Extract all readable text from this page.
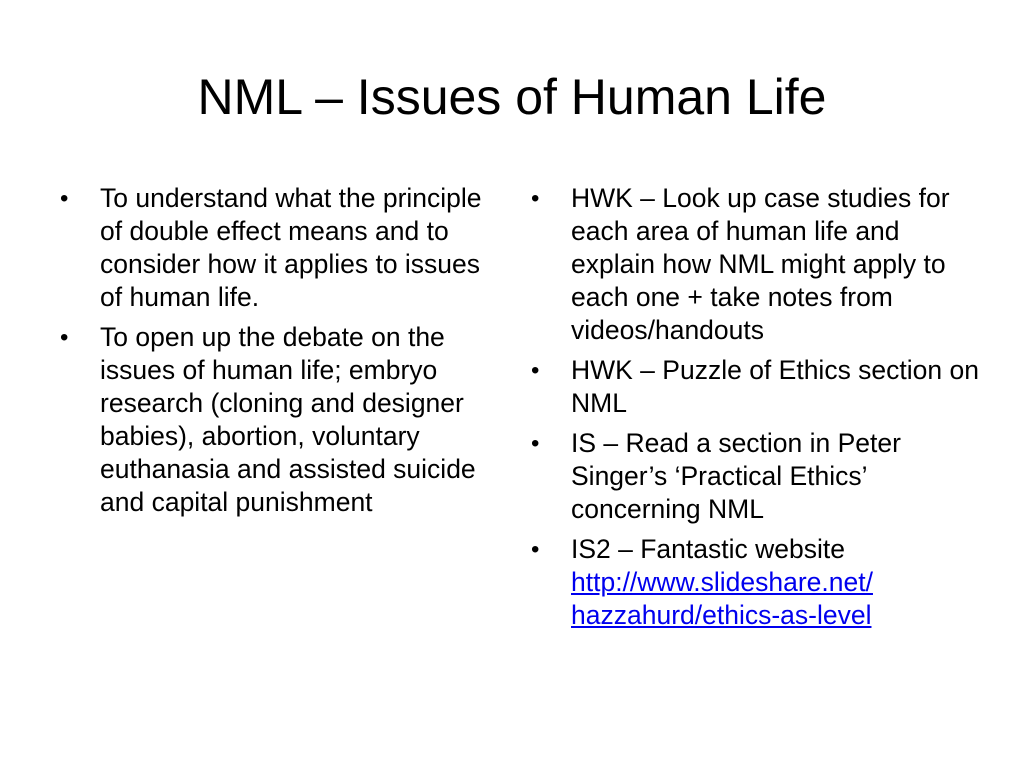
NML – Issues of Human Life
•	To understand what the principle of double effect means and to consider how it applies to issues of human life.
•	To open up the debate on the issues of human life; embryo research (cloning and designer babies), abortion, voluntary euthanasia and assisted suicide and capital punishment
•	HWK – Look up case studies for each area of human life and explain how NML might apply to each one + take notes from videos/handouts
•	HWK – Puzzle of Ethics section on NML
•	IS – Read a section in Peter Singer’s ‘Practical Ethics’ concerning NML
•	IS2 – Fantastic website
http://www.slideshare.net/
hazzahurd/ethics-as-level
